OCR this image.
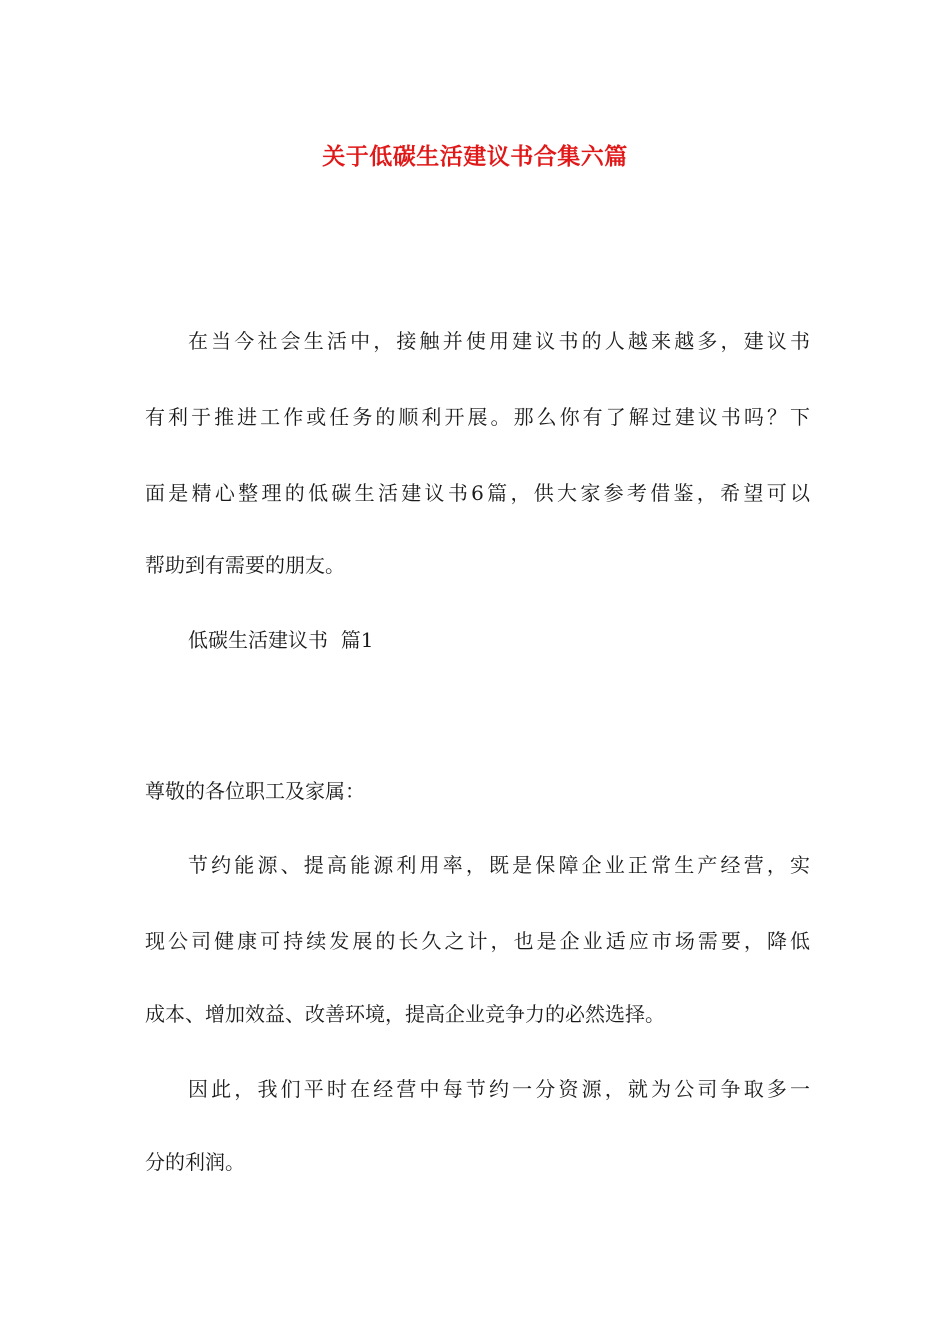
关于低碳生活建议书合集六篇

在当今社会生活中，接触并使用建议书的人越来越多，建议书

有利于推进工作或任务的顺利开展。那么你有了解过建议书吗？下

面是精心整理的低碳生活建议书6篇，供大家参考借鉴，希望可以

帮助到有需要的朋友。

低碳生活建议书  篇1

尊敬的各位职工及家属：

节约能源、提高能源利用率，既是保障企业正常生产经营，实

现公司健康可持续发展的长久之计，也是企业适应市场需要，降低

成本、增加效益、改善环境，提高企业竞争力的必然选择。

因此，我们平时在经营中每节约一分资源，就为公司争取多一

分的利润。
